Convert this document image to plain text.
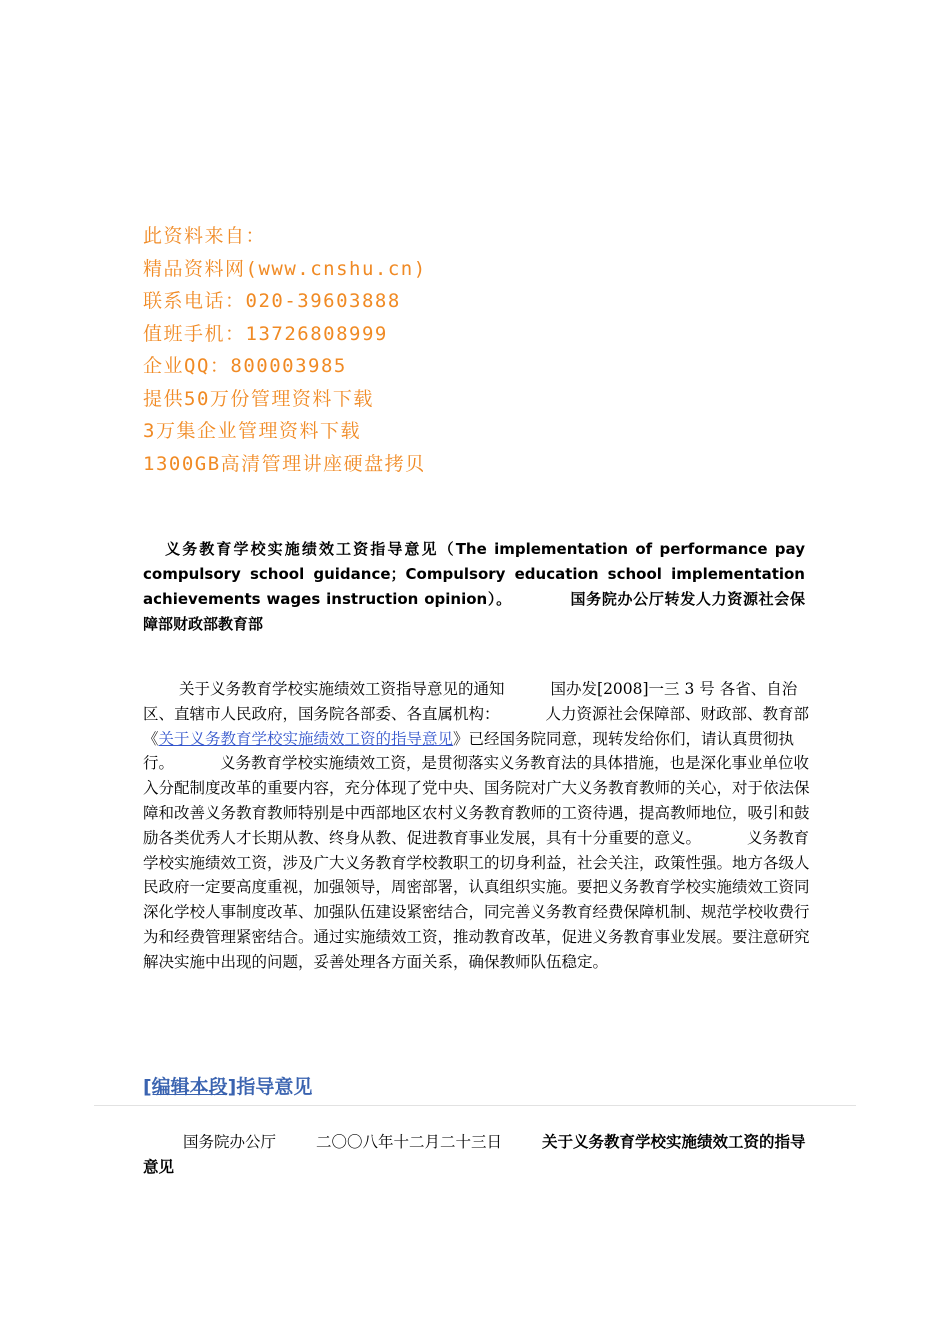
此资料来自：
精品资料网(www.cnshu.cn)
联系电话：020-39603888
值班手机：13726808999
企业QQ：800003985
提供50万份管理资料下载
3万集企业管理资料下载
1300GB高清管理讲座硬盘拷贝
义务教育学校实施绩效工资指导意见（The implementation of performance pay compulsory school guidance；Compulsory education school implementation achievements wages instruction opinion）。	国务院办公厅转发人力资源社会保障部财政部教育部
关于义务教育学校实施绩效工资指导意见的通知	国办发[2008]一三 3 号 各省、自治区、直辖市人民政府，国务院各部委、各直属机构：	人力资源社会保障部、财政部、教育部《关于义务教育学校实施绩效工资的指导意见》已经国务院同意，现转发给你们，请认真贯彻执行。	义务教育学校实施绩效工资，是贯彻落实义务教育法的具体措施，也是深化事业单位收入分配制度改革的重要内容，充分体现了党中央、国务院对广大义务教育教师的关心，对于依法保障和改善义务教育教师特别是中西部地区农村义务教育教师的工资待遇，提高教师地位，吸引和鼓励各类优秀人才长期从教、终身从教、促进教育事业发展，具有十分重要的意义。	义务教育学校实施绩效工资，涉及广大义务教育学校教职工的切身利益，社会关注，政策性强。地方各级人民政府一定要高度重视，加强领导，周密部署，认真组织实施。要把义务教育学校实施绩效工资同深化学校人事制度改革、加强队伍建设紧密结合，同完善义务教育经费保障机制、规范学校收费行为和经费管理紧密结合。通过实施绩效工资，推动教育改革，促进义务教育事业发展。要注意研究解决实施中出现的问题，妥善处理各方面关系，确保教师队伍稳定。
[编辑本段]指导意见
国务院办公厅	二〇〇八年十二月二十三日	关于义务教育学校实施绩效工资的指导意见
